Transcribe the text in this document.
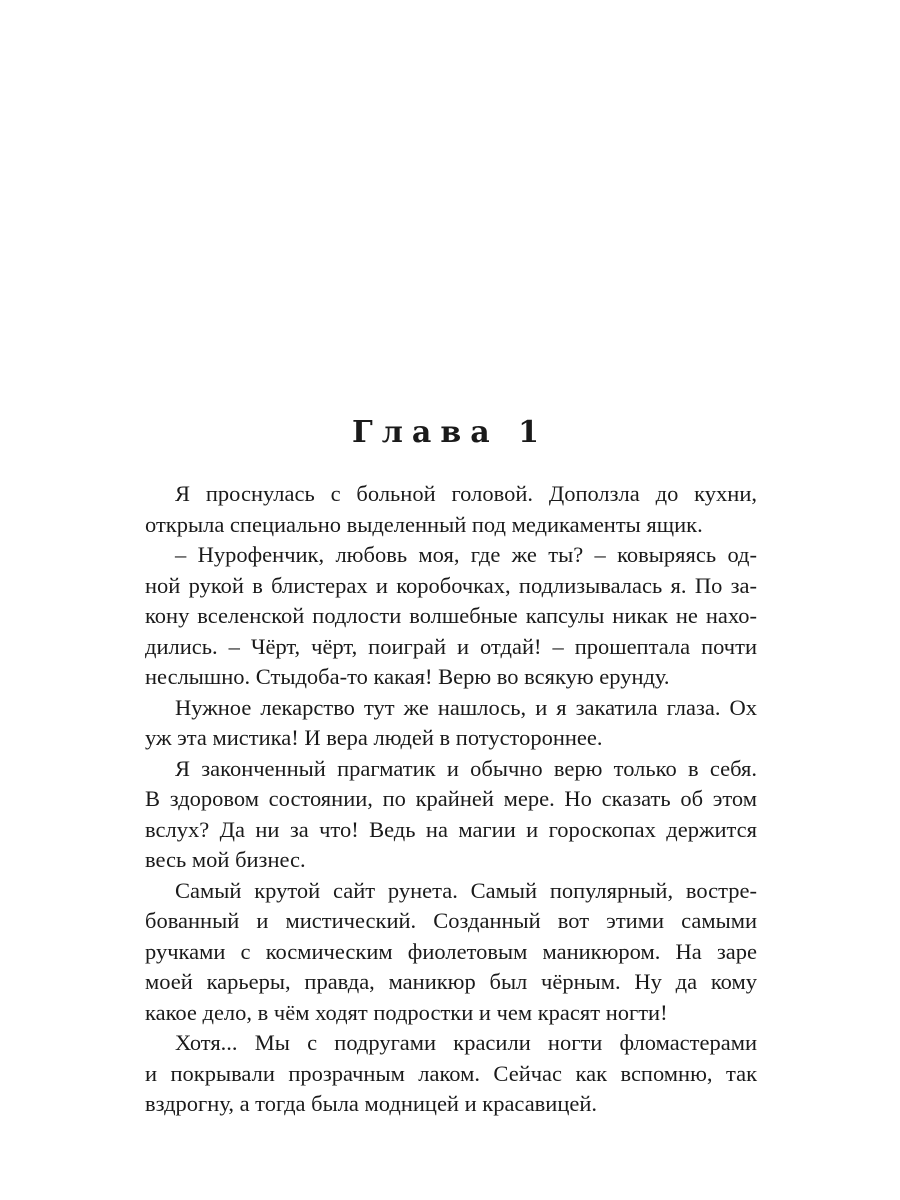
Глава 1
Я проснулась с больной головой. Доползла до кухни,
открыла специально выделенный под медикаменты ящик.
– Нурофенчик, любовь моя, где же ты? – ковыряясь од-
ной рукой в блистерах и коробочках, подлизывалась я. По за-
кону вселенской подлости волшебные капсулы никак не нахо-
дились. – Чёрт, чёрт, поиграй и отдай! – прошептала почти
неслышно. Стыдоба-то какая! Верю во всякую ерунду.
Нужное лекарство тут же нашлось, и я закатила глаза. Ох
уж эта мистика! И вера людей в потустороннее.
Я законченный прагматик и обычно верю только в себя.
В здоровом состоянии, по крайней мере. Но сказать об этом
вслух? Да ни за что! Ведь на магии и гороскопах держится
весь мой бизнес.
Самый крутой сайт рунета. Самый популярный, востре-
бованный и мистический. Созданный вот этими самыми
ручками с космическим фиолетовым маникюром. На заре
моей карьеры, правда, маникюр был чёрным. Ну да кому
какое дело, в чём ходят подростки и чем красят ногти!
Хотя... Мы с подругами красили ногти фломастерами
и покрывали прозрачным лаком. Сейчас как вспомню, так
вздрогну, а тогда была модницей и красавицей.
